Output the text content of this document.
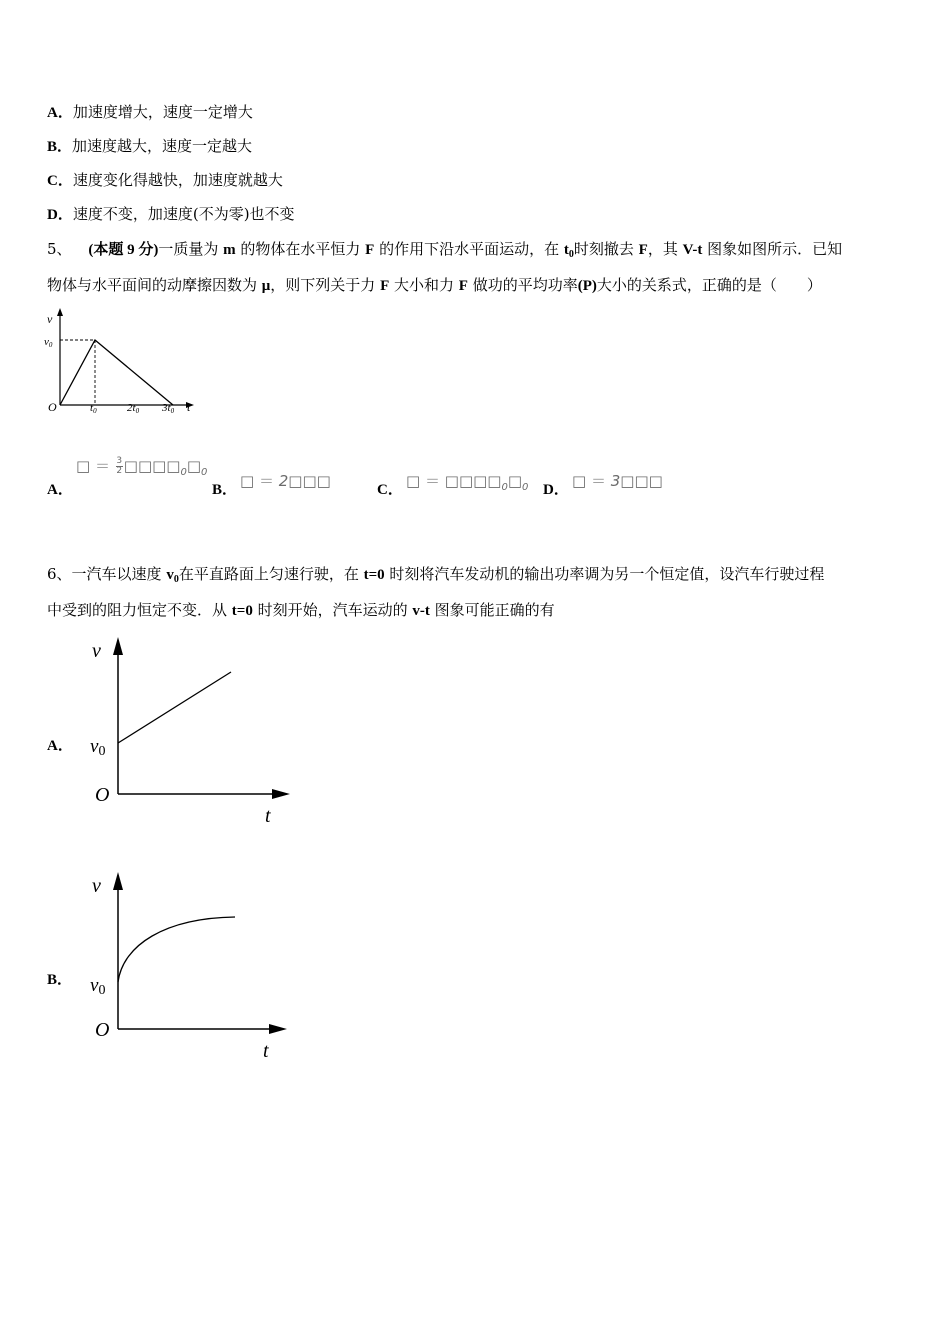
A．加速度增大，速度一定增大
B．加速度越大，速度一定越大
C．速度变化得越快，加速度就越大
D．速度不变，加速度(不为零)也不变
5、 (本题 9 分)一质量为 m 的物体在水平恒力 F 的作用下沿水平面运动，在 $t_0$时刻撤去 F，其 V-t 图象如图所示．已知
物体与水平面间的动摩擦因数为 μ，则下列关于力 F 大小和力 F 做功的平均功率(P)大小的关系式，正确的是（　　）
v
v0
O	t0	2t0 3t0 t
A．
□ ＝ $\frac{3}{2}$ $□□□□_0□_0$
B． □ ＝ 2□□□	C． □ ＝ $□□□□_0□_0$ D． □ ＝ 3□□□
6、一汽车以速度 $v_0$在平直路面上匀速行驶，在 t=0 时刻将汽车发动机的输出功率调为另一个恒定值，设汽车行驶过程
中受到的阻力恒定不变．从 t=0 时刻开始，汽车运动的 v-t 图象可能正确的有
A．
v
v0
O
t
B．
v
v0
O
t
